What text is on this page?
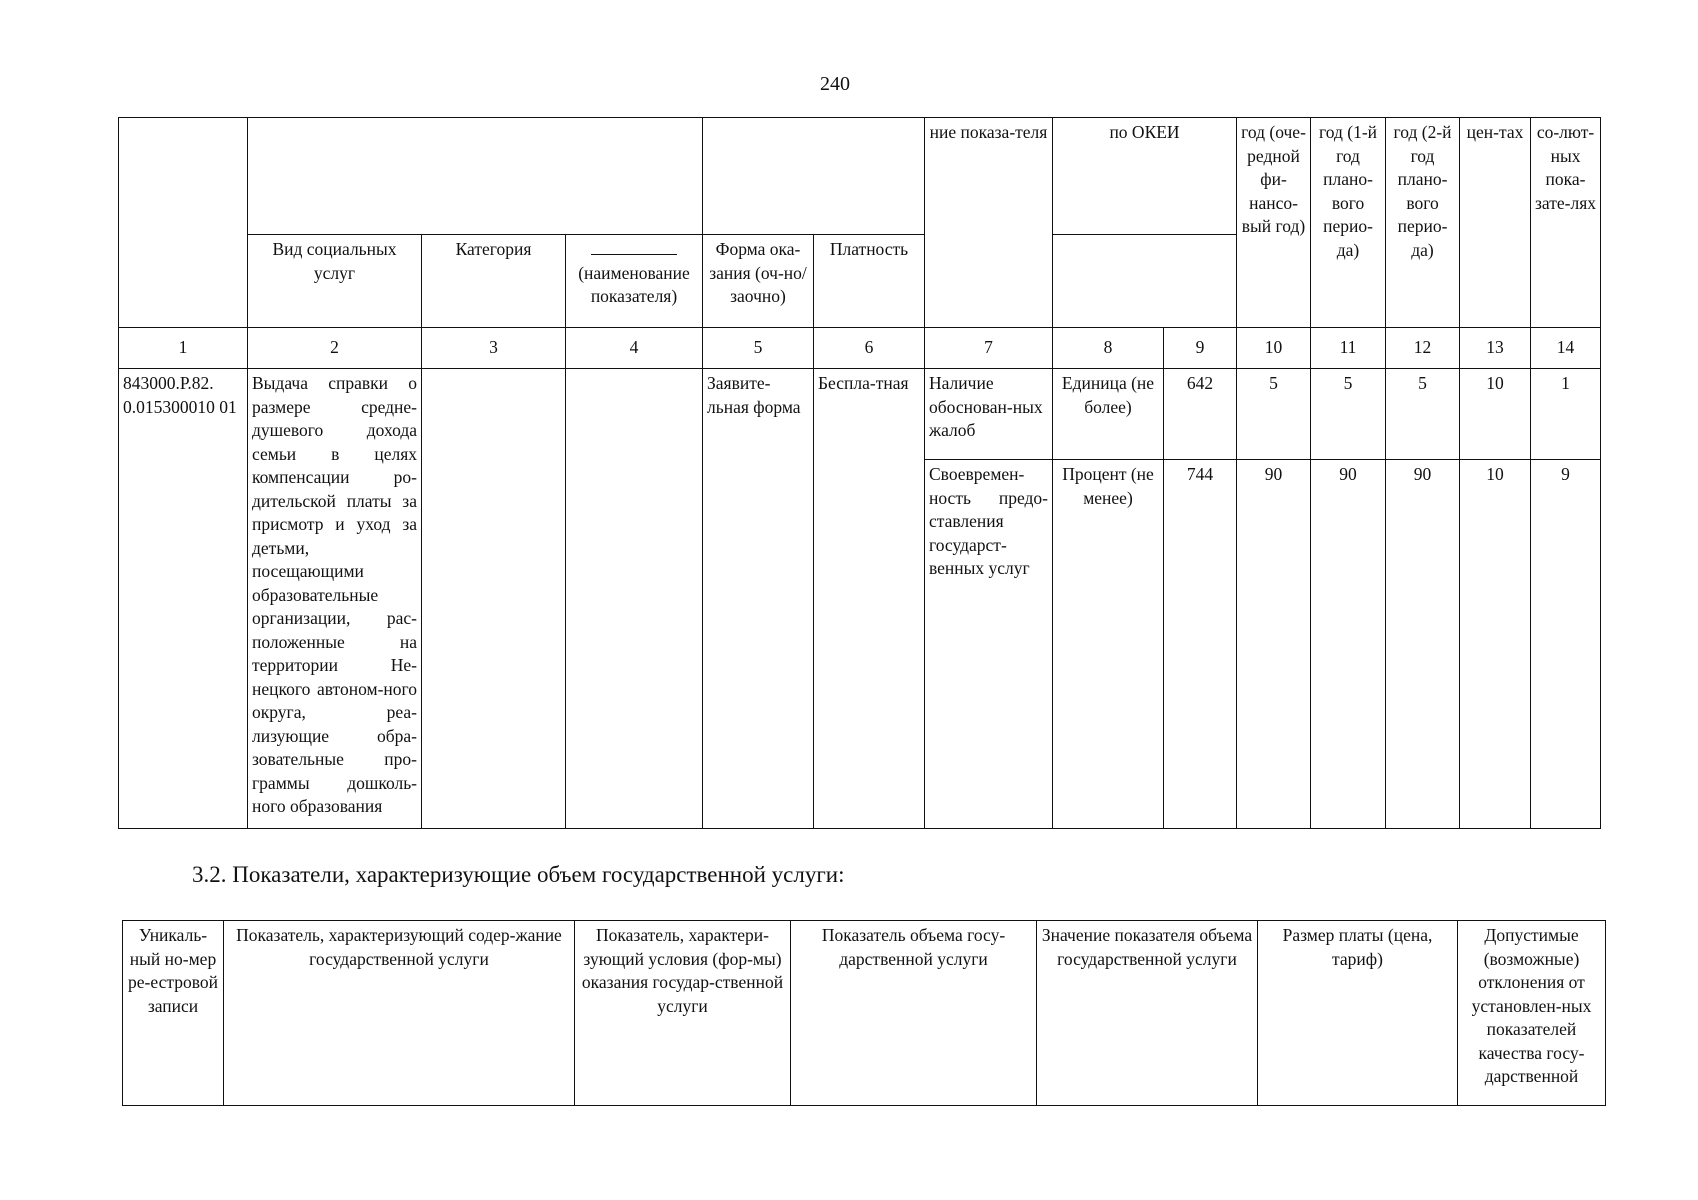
240
						ние показа-теля	по ОКЕИ		год (оче-редной фи-нансо-вый год)	год (1-й год плано-вого перио-да)	год (2-й год плано-вого перио-да)	цен-тах	со-лют-ных пока-зате-лях
	Вид социальных услуг	Категория	(наименование показателя)	Форма ока-зания (оч-но/заочно)	Платность								
1	2	3	4	5	6	7	8	9	10	11	12	13	14
843000.Р.82. 0.015300010 01	Выдача справки о размере средне-душевого дохода семьи в целях компенсации ро-дительской платы за присмотр и уход за детьми, посещающими образовательные организации, рас-положенные на территории Не-нецкого автоном-ного округа, реа-лизующие обра-зовательные про-граммы дошколь-ного образования			Заявите-льная форма	Беспла-тная	Наличие обоснован-ных жалоб	Единица (не более)	642	5	5	5	10	1
						Своевремен-ность предо-ставления государст-венных услуг	Процент (не менее)	744	90	90	90	10	9
3.2. Показатели, характеризующие объем государственной услуги:
Уникаль-ный но-мер ре-естровой записи	Показатель, характеризующий содер-жание государственной услуги	Показатель, характери-зующий условия (фор-мы) оказания государ-ственной услуги	Показатель объема госу-дарственной услуги	Значение показателя объема государственной услуги	Размер платы (цена, тариф)	Допустимые (возможные) отклонения от установлен-ных показателей качества госу-дарственной
